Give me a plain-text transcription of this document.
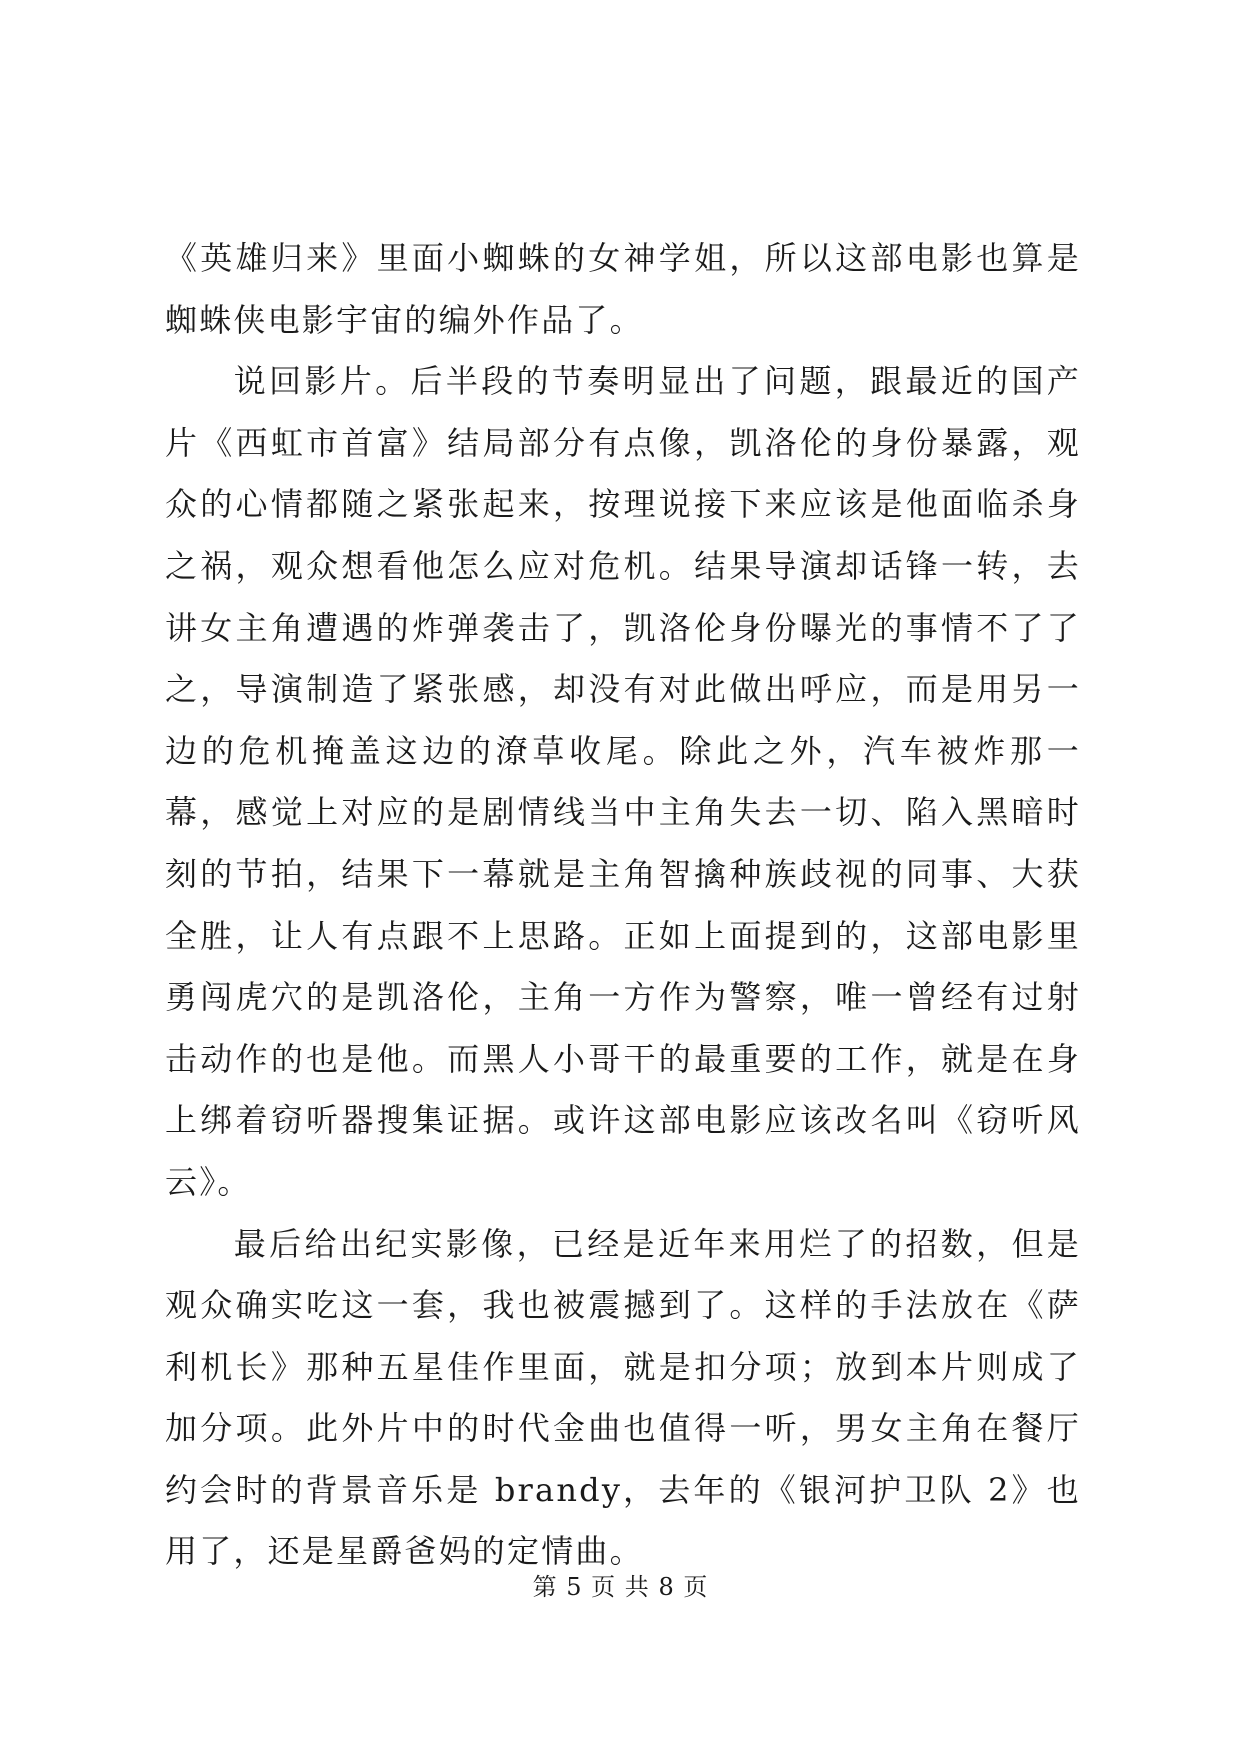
《英雄归来》里面小蜘蛛的女神学姐，所以这部电影也算是蜘蛛侠电影宇宙的编外作品了。

说回影片。后半段的节奏明显出了问题，跟最近的国产片《西虹市首富》结局部分有点像，凯洛伦的身份暴露，观众的心情都随之紧张起来，按理说接下来应该是他面临杀身之祸，观众想看他怎么应对危机。结果导演却话锋一转，去讲女主角遭遇的炸弹袭击了，凯洛伦身份曝光的事情不了了之，导演制造了紧张感，却没有对此做出呼应，而是用另一边的危机掩盖这边的潦草收尾。除此之外，汽车被炸那一幕，感觉上对应的是剧情线当中主角失去一切、陷入黑暗时刻的节拍，结果下一幕就是主角智擒种族歧视的同事、大获全胜，让人有点跟不上思路。正如上面提到的，这部电影里勇闯虎穴的是凯洛伦，主角一方作为警察，唯一曾经有过射击动作的也是他。而黑人小哥干的最重要的工作，就是在身上绑着窃听器搜集证据。或许这部电影应该改名叫《窃听风云》。

最后给出纪实影像，已经是近年来用烂了的招数，但是观众确实吃这一套，我也被震撼到了。这样的手法放在《萨利机长》那种五星佳作里面，就是扣分项；放到本片则成了加分项。此外片中的时代金曲也值得一听，男女主角在餐厅约会时的背景音乐是 brandy，去年的《银河护卫队 2》也用了，还是星爵爸妈的定情曲。

第 5 页 共 8 页
